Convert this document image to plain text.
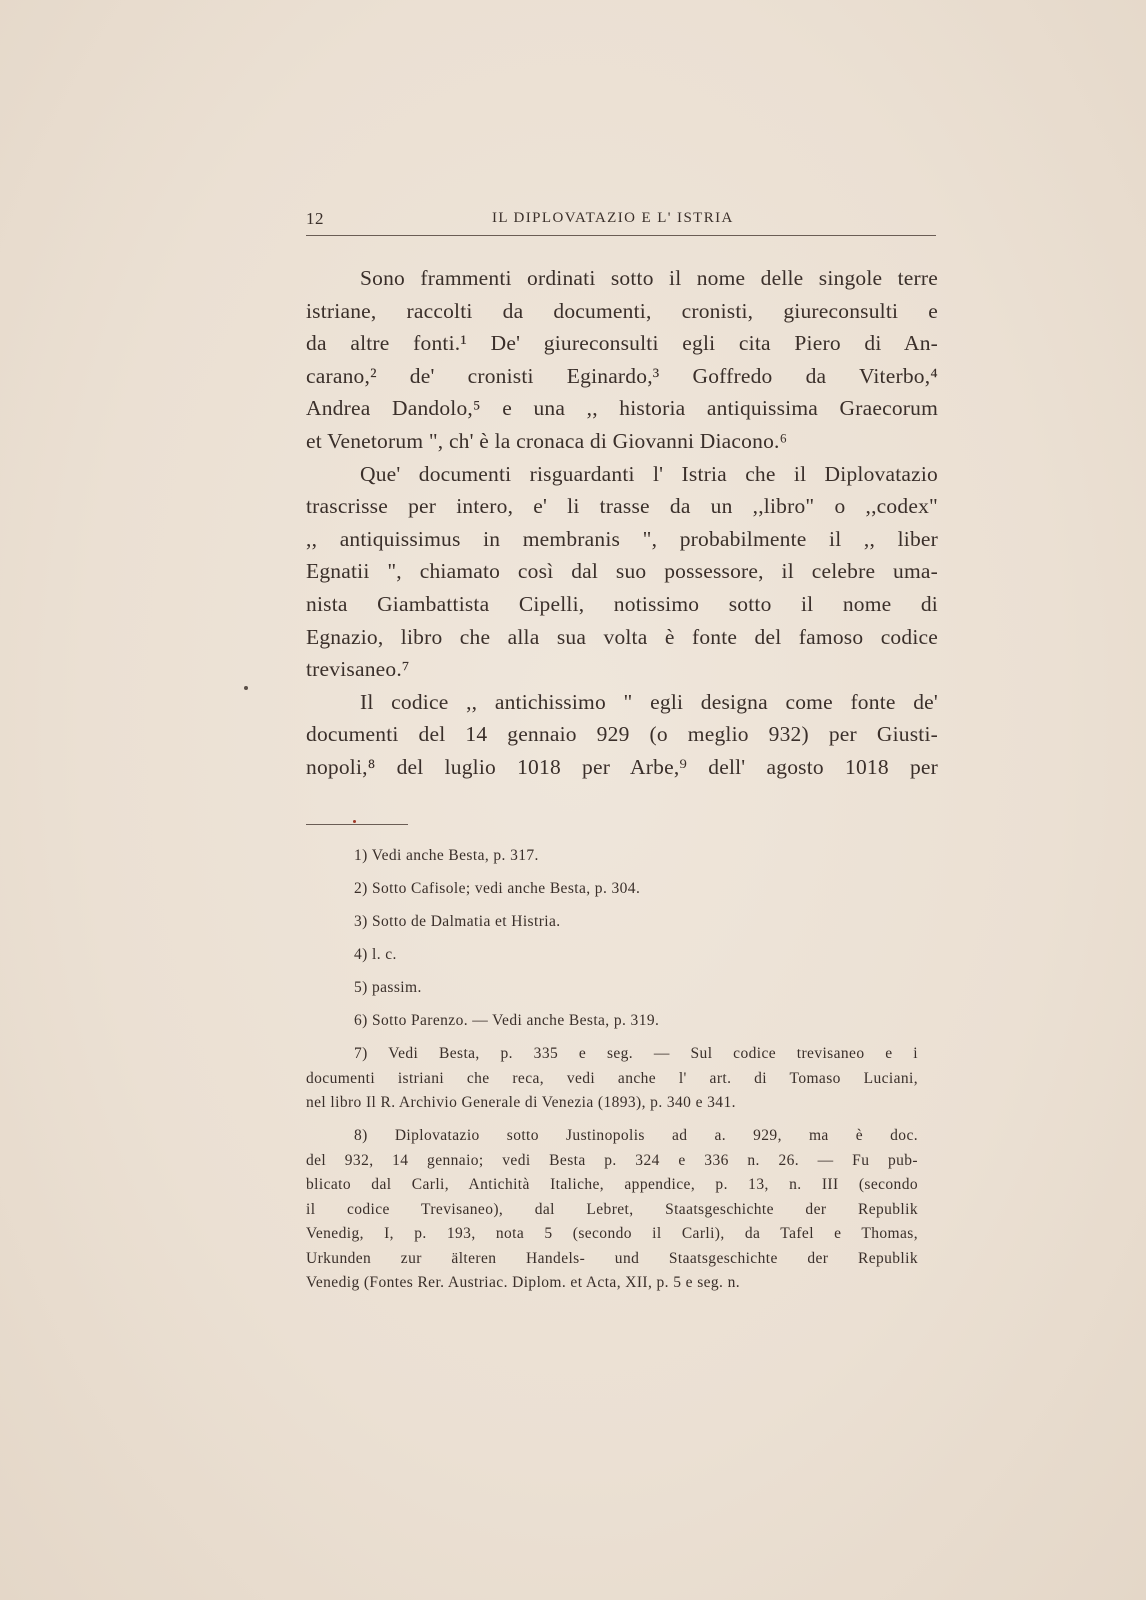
12	IL DIPLOVATAZIO E L' ISTRIA
Sono frammenti ordinati sotto il nome delle singole terre
istriane, raccolti da documenti, cronisti, giureconsulti e
da altre fonti.¹ De' giureconsulti egli cita Piero di An-
carano,² de' cronisti Eginardo,³ Goffredo da Viterbo,⁴
Andrea Dandolo,⁵ e una ,, historia antiquissima Graecorum
et Venetorum ", ch' è la cronaca di Giovanni Diacono.⁶
Que' documenti risguardanti l' Istria che il Diplovatazio
trascrisse per intero, e' li trasse da un ,,libro" o ,,codex"
,, antiquissimus in membranis ", probabilmente il ,, liber
Egnatii ", chiamato così dal suo possessore, il celebre uma-
nista Giambattista Cipelli, notissimo sotto il nome di
Egnazio, libro che alla sua volta è fonte del famoso codice
trevisaneo.⁷
Il codice ,, antichissimo " egli designa come fonte de'
documenti del 14 gennaio 929 (o meglio 932) per Giusti-
nopoli,⁸ del luglio 1018 per Arbe,⁹ dell' agosto 1018 per
1) Vedi anche Besta, p. 317.
2) Sotto Cafisole; vedi anche Besta, p. 304.
3) Sotto de Dalmatia et Histria.
4) l. c.
5) passim.
6) Sotto Parenzo. — Vedi anche Besta, p. 319.
7) Vedi Besta, p. 335 e seg. — Sul codice trevisaneo e i
documenti istriani che reca, vedi anche l' art. di Tomaso Luciani,
nel libro Il R. Archivio Generale di Venezia (1893), p. 340 e 341.
8) Diplovatazio sotto Justinopolis ad a. 929, ma è doc.
del 932, 14 gennaio; vedi Besta p. 324 e 336 n. 26. — Fu pub-
blicato dal Carli, Antichità Italiche, appendice, p. 13, n. III (secondo
il codice Trevisaneo), dal Lebret, Staatsgeschichte der Republik
Venedig, I, p. 193, nota 5 (secondo il Carli), da Tafel e Thomas,
Urkunden zur älteren Handels- und Staatsgeschichte der Republik
Venedig (Fontes Rer. Austriac. Diplom. et Acta, XII, p. 5 e seg. n.
